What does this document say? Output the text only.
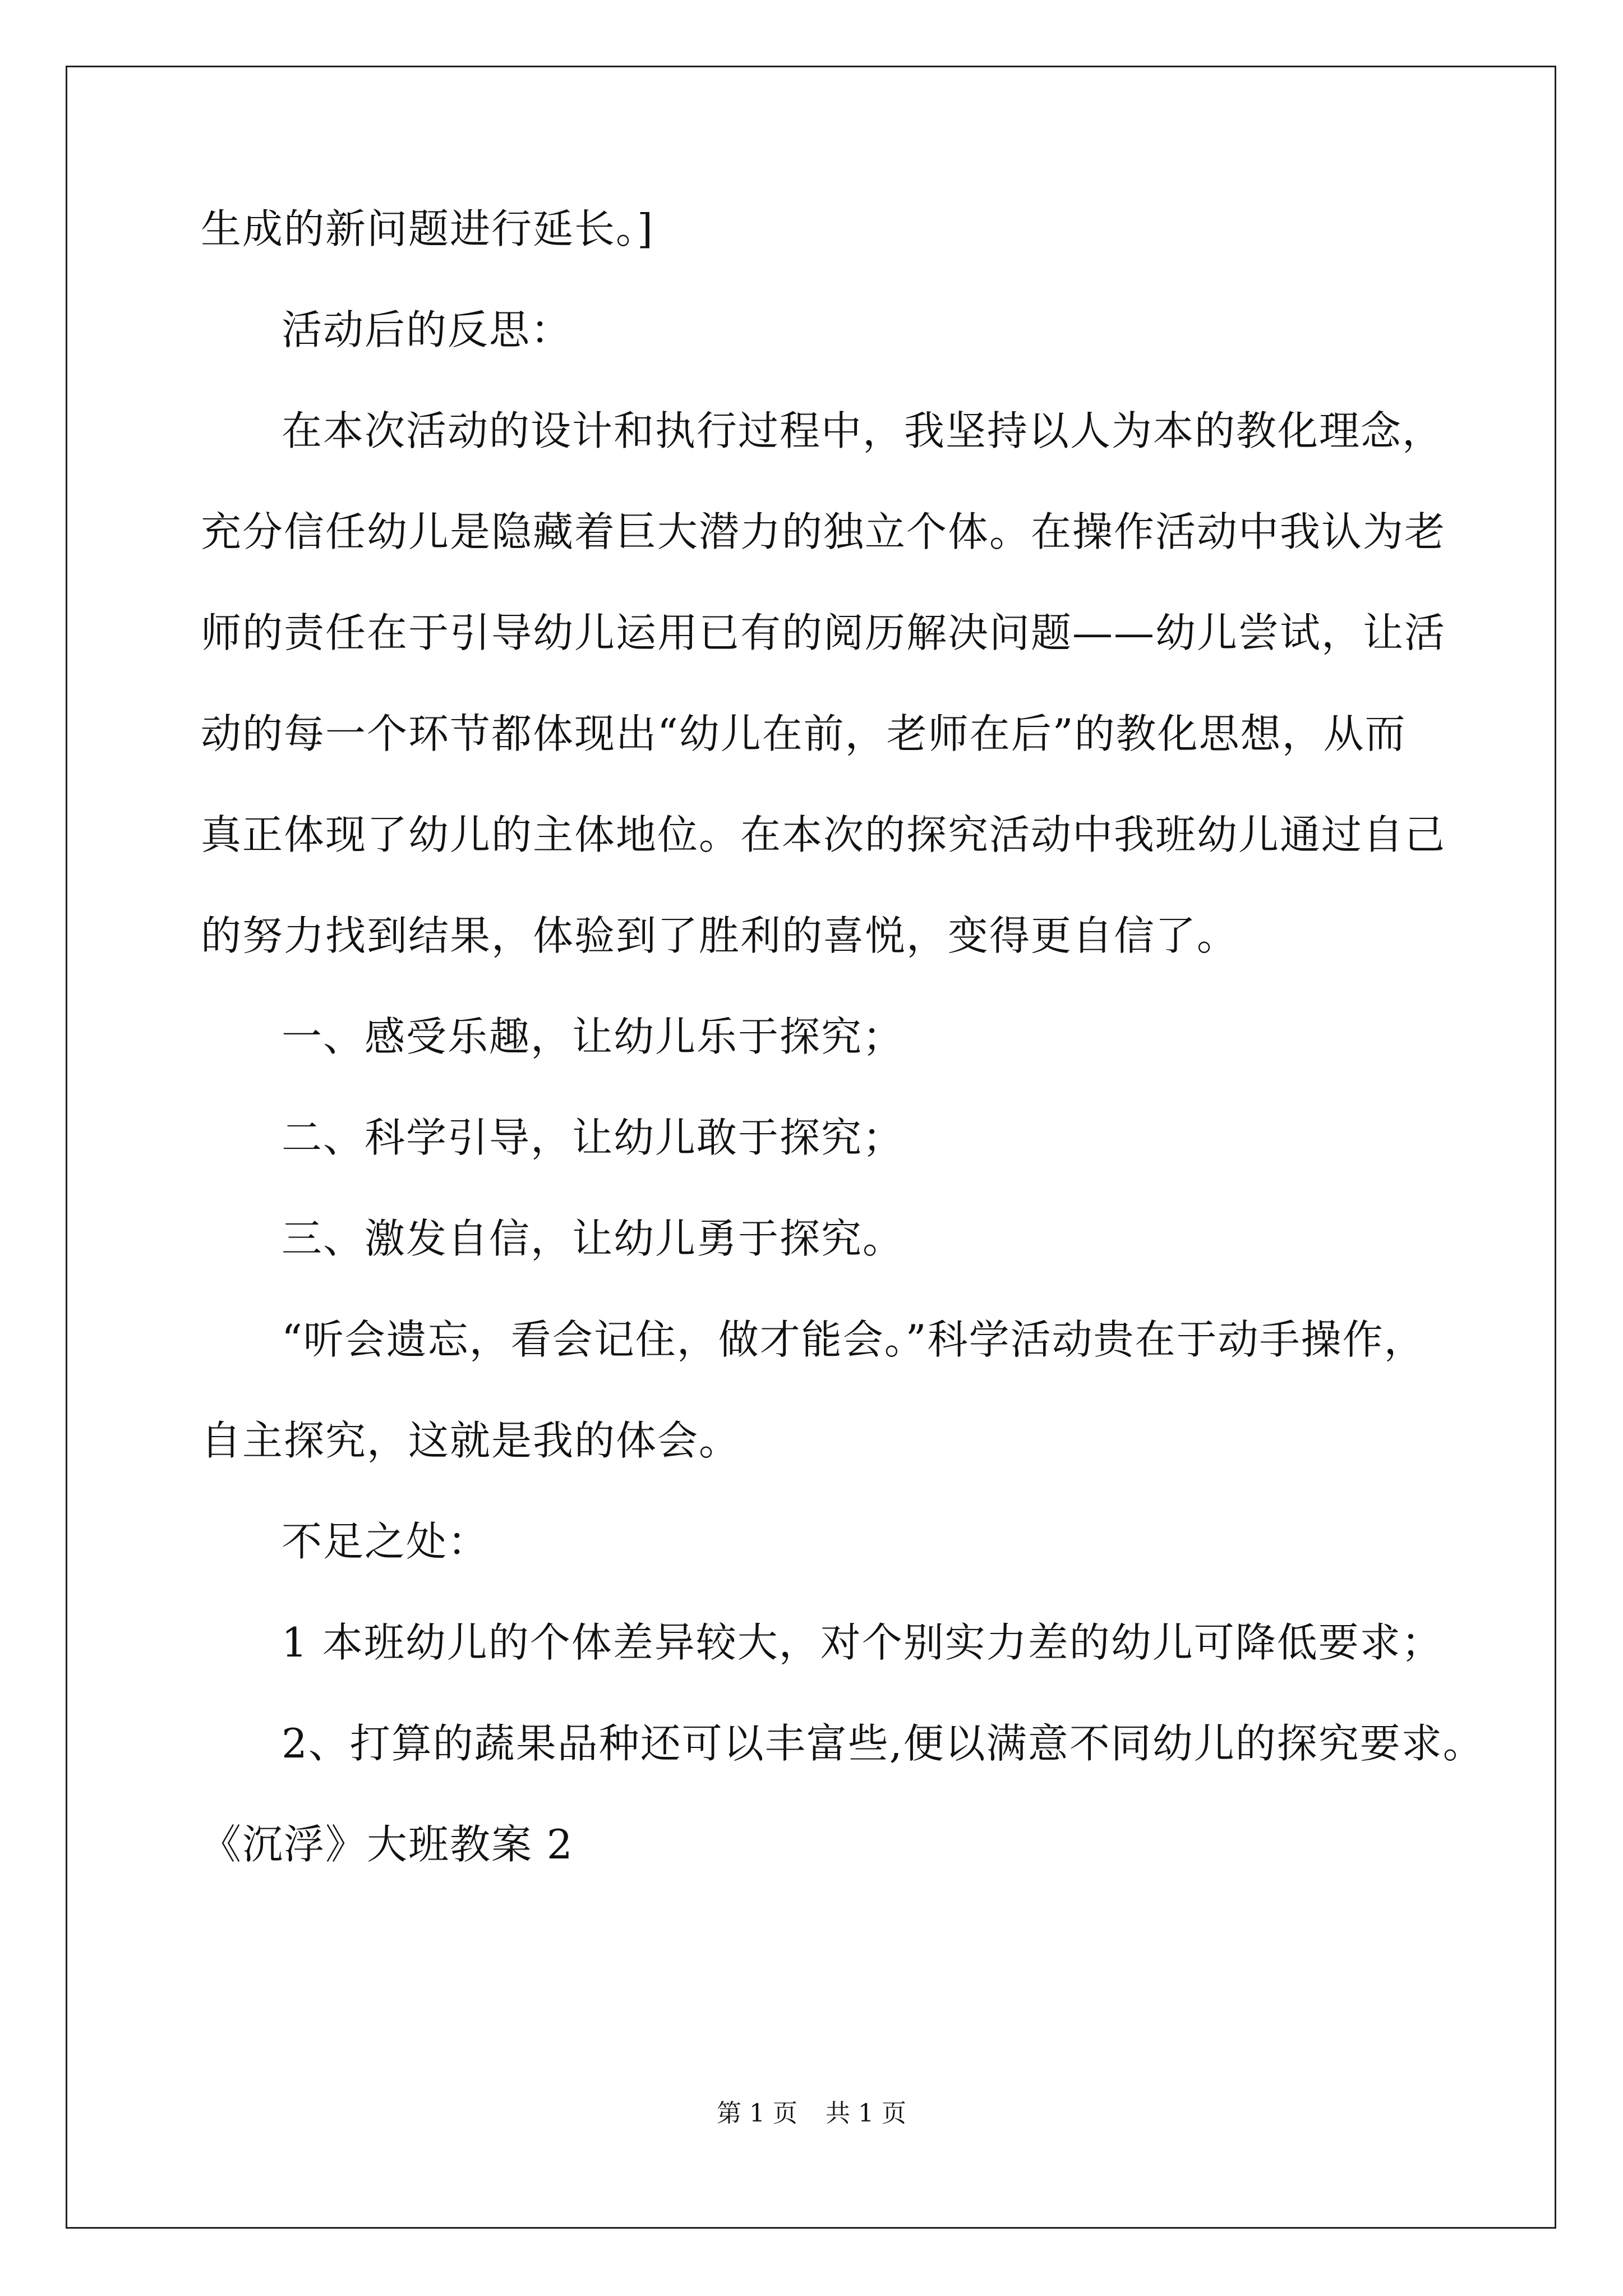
生成的新问题进行延长。]
活动后的反思：
在本次活动的设计和执行过程中，我坚持以人为本的教化理念，
充分信任幼儿是隐藏着巨大潜力的独立个体。在操作活动中我认为老
师的责任在于引导幼儿运用已有的阅历解决问题——幼儿尝试，让活
动的每一个环节都体现出“幼儿在前，老师在后”的教化思想，从而
真正体现了幼儿的主体地位。在本次的探究活动中我班幼儿通过自己
的努力找到结果，体验到了胜利的喜悦，变得更自信了。
一、感受乐趣，让幼儿乐于探究；
二、科学引导，让幼儿敢于探究；
三、激发自信，让幼儿勇于探究。
“听会遗忘，看会记住，做才能会。”科学活动贵在于动手操作，
自主探究，这就是我的体会。
不足之处：
1 本班幼儿的个体差异较大，对个别实力差的幼儿可降低要求；
2、打算的蔬果品种还可以丰富些,便以满意不同幼儿的探究要求。
《沉浮》大班教案 2
第 1 页 共 1 页
